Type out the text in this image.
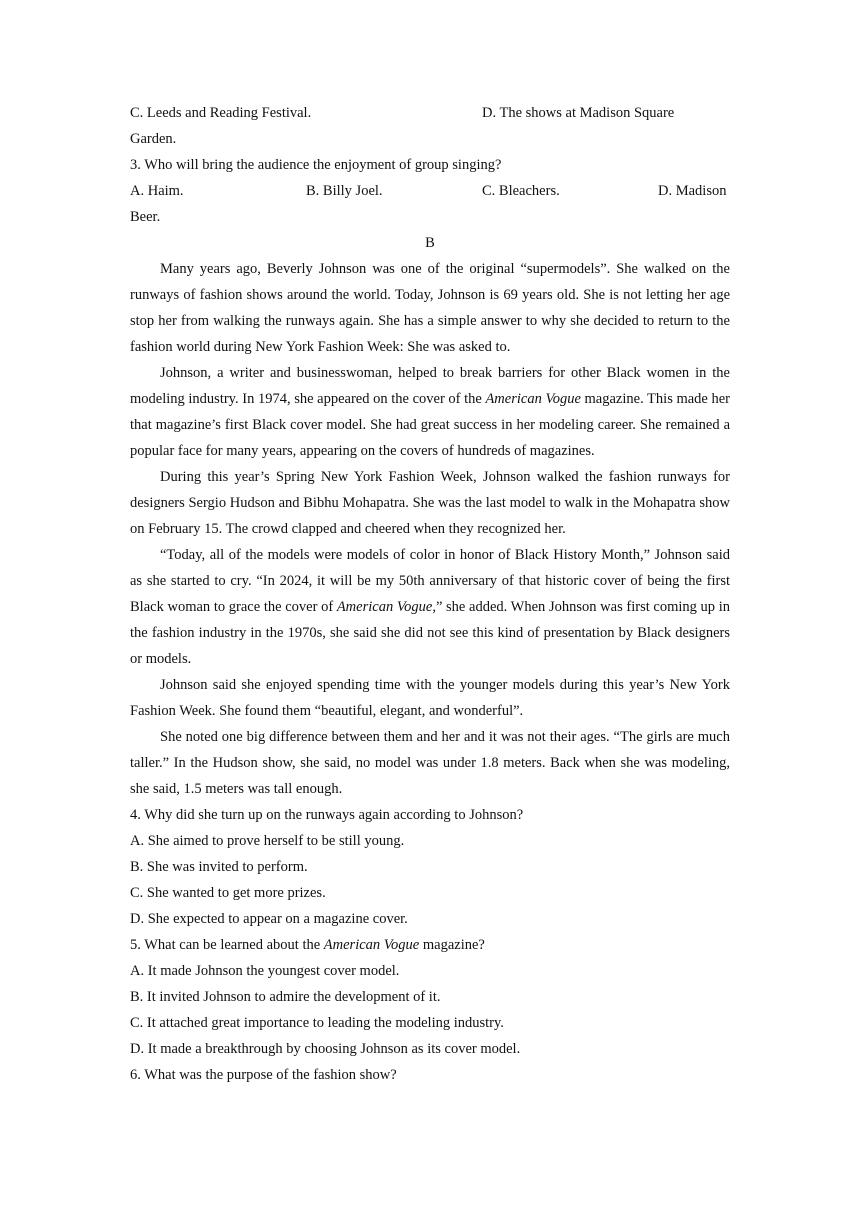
C. Leeds and Reading Festival.	D. The shows at Madison Square
Garden.
3. Who will bring the audience the enjoyment of group singing?
A. Haim.	B. Billy Joel.	C. Bleachers.	D. Madison
Beer.
B

Many years ago, Beverly Johnson was one of the original “supermodels”. She walked on the runways of fashion shows around the world. Today, Johnson is 69 years old. She is not letting her age stop her from walking the runways again. She has a simple answer to why she decided to return to the fashion world during New York Fashion Week: She was asked to.

Johnson, a writer and businesswoman, helped to break barriers for other Black women in the modeling industry. In 1974, she appeared on the cover of the American Vogue magazine. This made her that magazine’s first Black cover model. She had great success in her modeling career. She remained a popular face for many years, appearing on the covers of hundreds of magazines.

During this year’s Spring New York Fashion Week, Johnson walked the fashion runways for designers Sergio Hudson and Bibhu Mohapatra. She was the last model to walk in the Mohapatra show on February 15. The crowd clapped and cheered when they recognized her.

“Today, all of the models were models of color in honor of Black History Month,” Johnson said as she started to cry. “In 2024, it will be my 50th anniversary of that historic cover of being the first Black woman to grace the cover of American Vogue,” she added. When Johnson was first coming up in the fashion industry in the 1970s, she said she did not see this kind of presentation by Black designers or models.

Johnson said she enjoyed spending time with the younger models during this year’s New York Fashion Week. She found them “beautiful, elegant, and wonderful”.

She noted one big difference between them and her and it was not their ages. “The girls are much taller.” In the Hudson show, she said, no model was under 1.8 meters. Back when she was modeling, she said, 1.5 meters was tall enough.

4. Why did she turn up on the runways again according to Johnson?
A. She aimed to prove herself to be still young.
B. She was invited to perform.
C. She wanted to get more prizes.
D. She expected to appear on a magazine cover.
5. What can be learned about the American Vogue magazine?
A. It made Johnson the youngest cover model.
B. It invited Johnson to admire the development of it.
C. It attached great importance to leading the modeling industry.
D. It made a breakthrough by choosing Johnson as its cover model.
6. What was the purpose of the fashion show?
